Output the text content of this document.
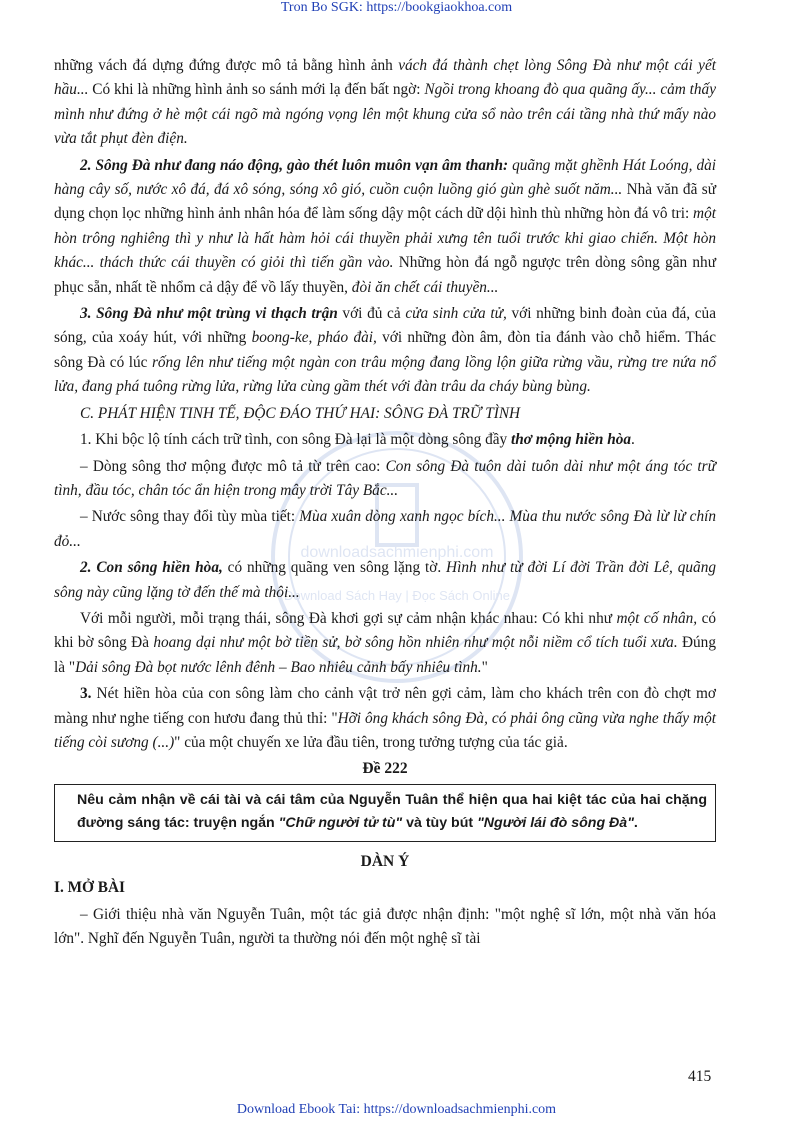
Tron Bo SGK: https://bookgiaokhoa.com
downloadsachmienphi.com
Download Sách Hay | Đọc Sách Online

những vách đá dựng đứng được mô tả bằng hình ảnh vách đá thành chẹt lòng Sông Đà như một cái yết hầu... Có khi là những hình ảnh so sánh mới lạ đến bất ngờ: Ngồi trong khoang đò qua quãng ấy... cảm thấy mình như đứng ở hè một cái ngõ mà ngóng vọng lên một khung cửa sổ nào trên cái tầng nhà thứ mấy nào vừa tắt phụt đèn điện.

2. Sông Đà như đang náo động, gào thét luôn muôn vạn âm thanh: quãng mặt ghềnh Hát Loóng, dài hàng cây số, nước xô đá, đá xô sóng, sóng xô gió, cuồn cuộn luồng gió gùn ghè suốt năm... Nhà văn đã sử dụng chọn lọc những hình ảnh nhân hóa để làm sống dậy một cách dữ dội hình thù những hòn đá vô tri: một hòn trông nghiêng thì y như là hất hàm hỏi cái thuyền phải xưng tên tuổi trước khi giao chiến. Một hòn khác... thách thức cái thuyền có giỏi thì tiến gần vào. Những hòn đá ngỗ ngược trên dòng sông gần như phục sẵn, nhất tề nhổm cả dậy để vồ lấy thuyền, đòi ăn chết cái thuyền...

3. Sông Đà như một trùng vi thạch trận với đủ cả cửa sinh cửa tử, với những binh đoàn của đá, của sóng, của xoáy hút, với những boong-ke, pháo đài, với những đòn âm, đòn tỉa đánh vào chỗ hiểm. Thác sông Đà có lúc rống lên như tiếng một ngàn con trâu mộng đang lồng lộn giữa rừng vầu, rừng tre nứa nổ lửa, đang phá tuông rừng lửa, rừng lửa cùng gầm thét với đàn trâu da cháy bùng bùng.

C. PHÁT HIỆN TINH TẾ, ĐỘC ĐÁO THỨ HAI: SÔNG ĐÀ TRỮ TÌNH

1. Khi bộc lộ tính cách trữ tình, con sông Đà lại là một dòng sông đầy thơ mộng hiền hòa.

– Dòng sông thơ mộng được mô tả từ trên cao: Con sông Đà tuôn dài tuôn dài như một áng tóc trữ tình, đầu tóc, chân tóc ẩn hiện trong mây trời Tây Bắc...

– Nước sông thay đổi tùy mùa tiết: Mùa xuân dòng xanh ngọc bích... Mùa thu nước sông Đà lừ lừ chín đỏ...

2. Con sông hiền hòa, có những quãng ven sông lặng tờ. Hình như từ đời Lí đời Trần đời Lê, quãng sông này cũng lặng tờ đến thế mà thôi...

Với mỗi người, mỗi trạng thái, sông Đà khơi gợi sự cảm nhận khác nhau: Có khi như một cố nhân, có khi bờ sông Đà hoang dại như một bờ tiền sử, bờ sông hồn nhiên như một nỗi niềm cổ tích tuổi xưa. Đúng là "Dải sông Đà bọt nước lênh đênh – Bao nhiêu cảnh bấy nhiêu tình."

3. Nét hiền hòa của con sông làm cho cảnh vật trở nên gợi cảm, làm cho khách trên con đò chợt mơ màng như nghe tiếng con hươu đang thủ thỉ: "Hỡi ông khách sông Đà, có phải ông cũng vừa nghe thấy một tiếng còi sương (...)" của một chuyến xe lửa đầu tiên, trong tưởng tượng của tác giả.

Đề 222

Nêu cảm nhận về cái tài và cái tâm của Nguyễn Tuân thể hiện qua hai kiệt tác của hai chặng đường sáng tác: truyện ngắn "Chữ người tử tù" và tùy bút "Người lái đò sông Đà".

DÀN Ý

I. MỞ BÀI

– Giới thiệu nhà văn Nguyễn Tuân, một tác giả được nhận định: "một nghệ sĩ lớn, một nhà văn hóa lớn". Nghĩ đến Nguyễn Tuân, người ta thường nói đến một nghệ sĩ tài

415
Download Ebook Tai: https://downloadsachmienphi.com
